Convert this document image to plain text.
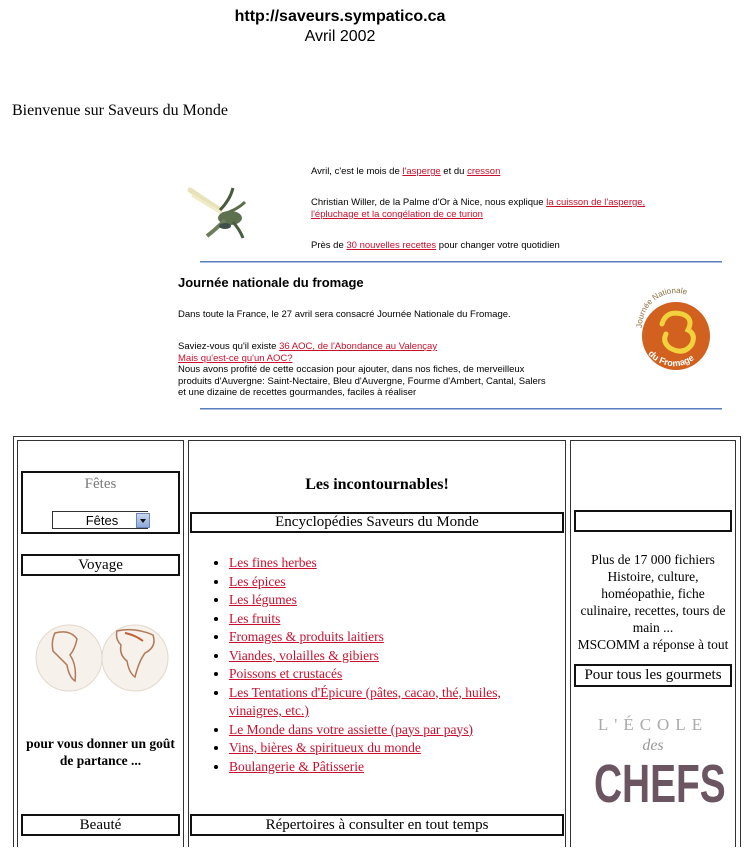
http://saveurs.sympatico.ca
Avril 2002
Bienvenue sur Saveurs du Monde
Avril, c'est le mois de l'asperge et du cresson
Christian Willer, de la Palme d'Or à Nice, nous explique la cuisson de l'asperge,
l'épluchage et la congélation de ce turion
Près de 30 nouvelles recettes pour changer votre quotidien
Journée nationale du fromage
Dans toute la France, le 27 avril sera consacré Journée Nationale du Fromage.
Saviez-vous qu'il existe 36 AOC, de l'Abondance au Valençay
Mais qu'est-ce qu'un AOC?
Nous avons profité de cette occasion pour ajouter, dans nos fiches, de merveilleux
produits d'Auvergne: Saint-Nectaire, Bleu d'Auvergne, Fourme d'Ambert, Cantal, Salers
et une dizaine de recettes gourmandes, faciles à réaliser
Journée Nationale
du Fromage
Fêtes
Fêtes
Voyage
pour vous donner un goût de partance ...
Beauté
Les incontournables!
Encyclopédies Saveurs du Monde
• Les fines herbes
• Les épices
• Les légumes
• Les fruits
• Fromages & produits laitiers
• Viandes, volailles & gibiers
• Poissons et crustacés
• Les Tentations d'Épicure (pâtes, cacao, thé, huiles, vinaigres, etc.)
• Le Monde dans votre assiette (pays par pays)
• Vins, bières & spiritueux du monde
• Boulangerie & Pâtisserie
Répertoires à consulter en tout temps
Plus de 17 000 fichiers
Histoire, culture,
homéopathie, fiche
culinaire, recettes, tours de
main ...
MSCOMM a réponse à tout
Pour tous les gourmets
L'ÉCOLE
des
CHEFS
